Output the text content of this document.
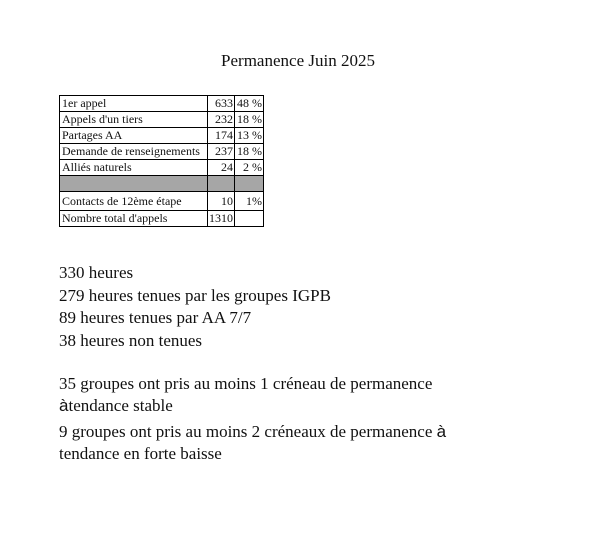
Permanence Juin 2025
1er appel	633	48 %
Appels d'un tiers	232	18 %
Partages AA	174	13 %
Demande de renseignements	237	18 %
Alliés naturels	24	2 %

Contacts de 12ème étape	10	1%
Nombre total d'appels	1310	
330 heures
279 heures tenues par les groupes IGPB
89 heures tenues par AA 7/7
38 heures non tenues
35 groupes ont pris au moins 1 créneau de permanence
àtendance stable
9 groupes ont pris au moins 2 créneaux de permanence à
tendance en forte baisse
